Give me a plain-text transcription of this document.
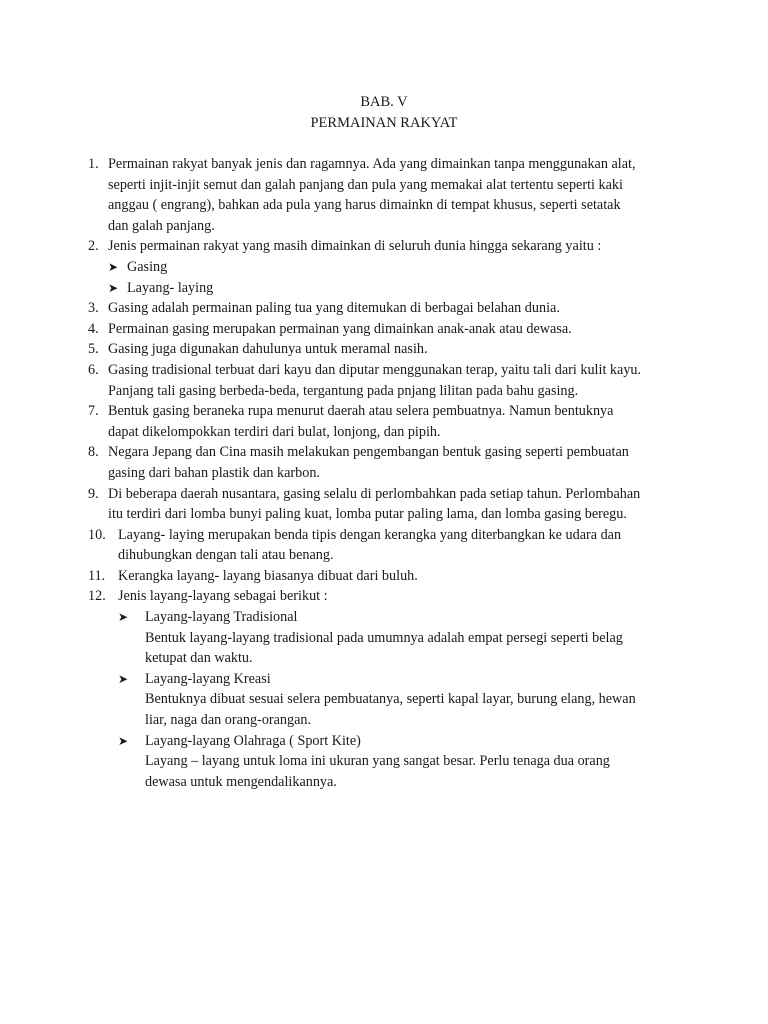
BAB. V
PERMAINAN RAKYAT
1. Permainan rakyat banyak jenis dan ragamnya. Ada yang dimainkan tanpa menggunakan alat,
seperti injit-injit semut dan galah panjang dan pula yang memakai alat tertentu seperti kaki
anggau ( engrang), bahkan ada pula yang harus dimainkn di tempat khusus, seperti setatak
dan galah panjang.
2. Jenis permainan rakyat yang masih dimainkan di seluruh dunia hingga sekarang yaitu :
➤ Gasing
➤ Layang- laying
3. Gasing adalah permainan paling tua yang ditemukan di berbagai belahan dunia.
4. Permainan gasing merupakan permainan yang dimainkan anak-anak atau dewasa.
5. Gasing juga digunakan dahulunya untuk meramal nasih.
6. Gasing tradisional terbuat dari kayu dan diputar menggunakan terap, yaitu tali dari kulit kayu.
Panjang tali gasing berbeda-beda, tergantung pada pnjang lilitan pada bahu gasing.
7. Bentuk gasing beraneka rupa menurut daerah atau selera pembuatnya. Namun bentuknya
dapat dikelompokkan terdiri dari bulat, lonjong, dan pipih.
8. Negara Jepang dan Cina masih melakukan pengembangan bentuk gasing seperti pembuatan
gasing dari bahan plastik dan karbon.
9. Di beberapa daerah nusantara, gasing selalu di perlombahkan pada setiap tahun. Perlombahan
itu terdiri dari lomba bunyi paling kuat, lomba putar paling lama, dan lomba gasing beregu.
10. Layang- laying merupakan benda tipis dengan kerangka yang diterbangkan ke udara dan
dihubungkan dengan tali atau benang.
11. Kerangka layang- layang biasanya dibuat dari buluh.
12. Jenis layang-layang sebagai berikut :
➤ Layang-layang Tradisional
Bentuk layang-layang tradisional pada umumnya adalah empat persegi seperti belag
ketupat dan waktu.
➤ Layang-layang Kreasi
Bentuknya dibuat sesuai selera pembuatanya, seperti kapal layar, burung elang, hewan
liar, naga dan orang-orangan.
➤ Layang-layang Olahraga ( Sport Kite)
Layang – layang untuk loma ini ukuran yang sangat besar. Perlu tenaga dua orang
dewasa untuk mengendalikannya.
